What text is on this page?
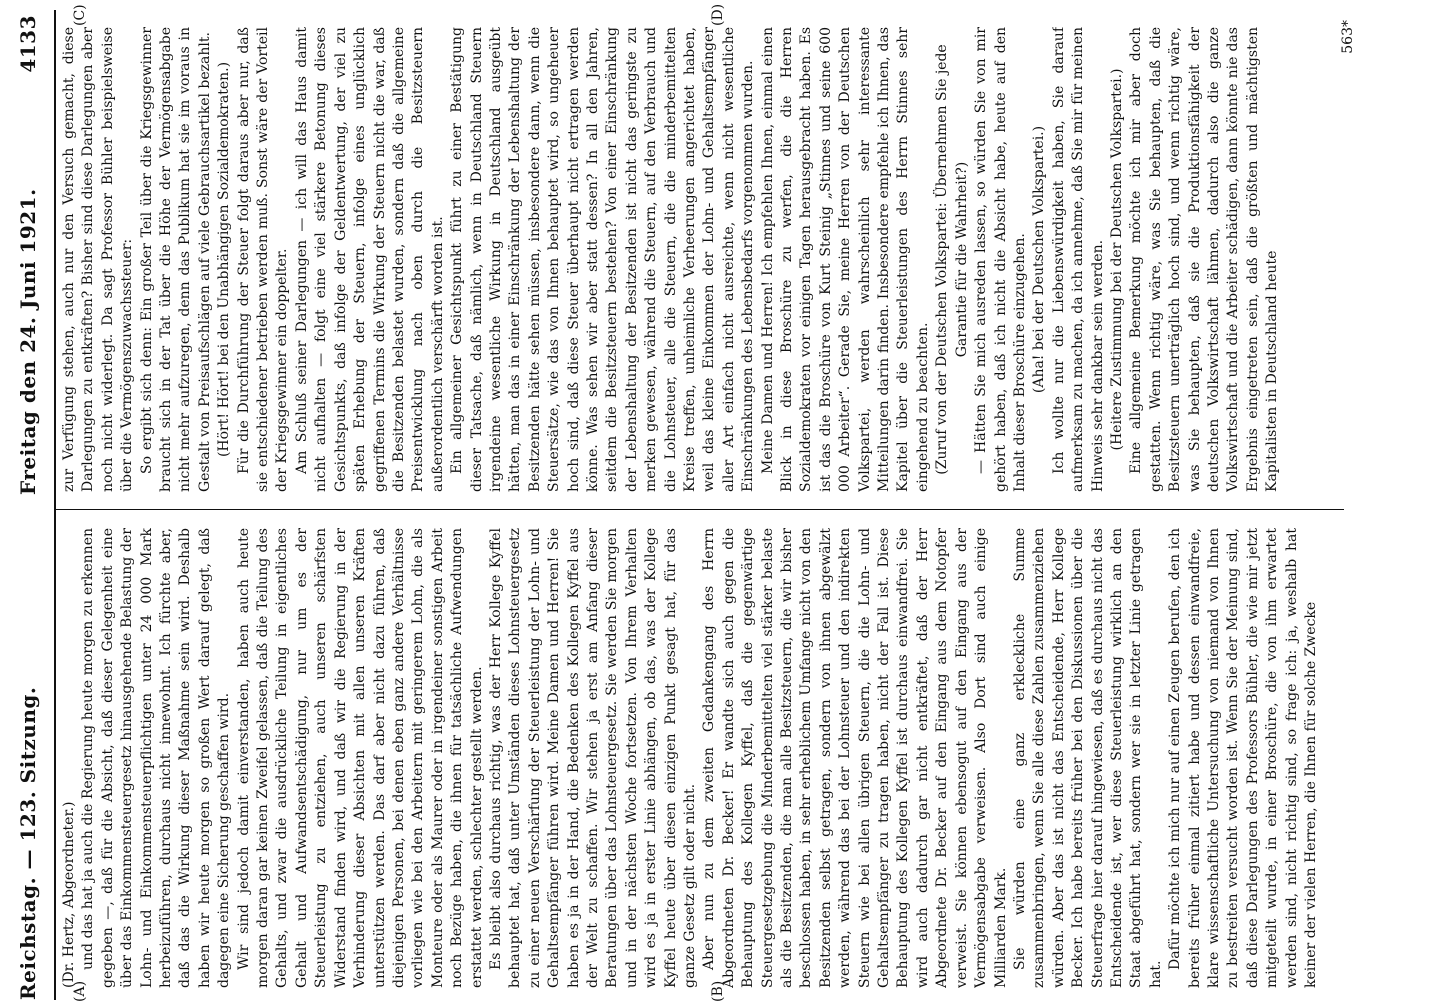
Reichstag. — 123. Sitzung.
Freitag den 24. Juni 1921.
4133
(A)	(B)
(C)	(D)

(Dr. Hertz, Abgeordneter.) und das hat ja auch die Regierung heute morgen zu erkennen gegeben —, daß für die Absicht, daß dieser Gelegenheit eine über das Einkommensteuergesetz hinausgehende Belastung der Lohn- und Einkommensteuerpflichtigen unter 24 000 Mark herbeizuführen, durchaus nicht innewohnt. Ich fürchte aber, daß das die Wirkung dieser Maßnahme sein wird. Deshalb haben wir heute morgen so großen Wert darauf gelegt, daß dagegen eine Sicherung geschaffen wird. Wir sind jedoch damit einverstanden, haben auch heute morgen daran gar keinen Zweifel gelassen, daß die Teilung des Gehalts, und zwar die ausdrückliche Teilung in eigentliches Gehalt und Aufwandsentschädigung, nur um es der Steuerleistung zu entziehen, auch unseren schärfsten Widerstand finden wird, und daß wir die Regierung in der Verhinderung dieser Absichten mit allen unseren Kräften unterstützen werden. Das darf aber nicht dazu führen, daß diejenigen Personen, bei denen eben ganz andere Verhältnisse vorliegen wie bei den Arbeitern mit geringerem Lohn, die als Monteure oder als Maurer oder in irgendeiner sonstigen Arbeit noch Bezüge haben, die ihnen für tatsächliche Aufwendungen erstattet werden, schlechter gestellt werden. Es bleibt also durchaus richtig, was der Herr Kollege Kyffel behauptet hat, daß unter Umständen dieses Lohnsteuergesetz zu einer neuen Verschärfung der Steuerleistung der Lohn- und Gehaltsempfänger führen wird. Meine Damen und Herren! Sie haben es ja in der Hand, die Bedenken des Kollegen Kyffel aus der Welt zu schaffen. Wir stehen ja erst am Anfang dieser Beratungen über das Lohnsteuergesetz. Sie werden Sie morgen und in der nächsten Woche fortsetzen. Von Ihrem Verhalten wird es ja in erster Linie abhängen, ob das, was der Kollege Kyffel heute über diesen einzigen Punkt gesagt hat, für das ganze Gesetz gilt oder nicht. Aber nun zu dem zweiten Gedankengang des Herrn Abgeordneten Dr. Becker! Er wandte sich auch gegen die Behauptung des Kollegen Kyffel, daß die gegenwärtige Steuergesetzgebung die Minderbemittelten viel stärker belaste als die Besitzenden, die man alle Besitzsteuern, die wir bisher beschlossen haben, in sehr erheblichem Umfange nicht von den Besitzenden selbst getragen, sondern von ihnen abgewälzt werden, während das bei der Lohnsteuer und den indirekten Steuern wie bei allen übrigen Steuern, die die Lohn- und Gehaltsempfänger zu tragen haben, nicht der Fall ist. Diese Behauptung des Kollegen Kyffel ist durchaus einwandfrei. Sie wird auch dadurch gar nicht entkräftet, daß der Herr Abgeordnete Dr. Becker auf den Eingang aus dem Notopfer verweist. Sie können ebensogut auf den Eingang aus der Vermögensabgabe verweisen. Also Dort sind auch einige Milliarden Mark. Sie würden eine ganz erkleckliche Summe zusammenbringen, wenn Sie alle diese Zahlen zusammenziehen würden. Aber das ist nicht das Entscheidende, Herr Kollege Becker. Ich habe bereits früher bei den Diskussionen über die Steuerfrage hier darauf hingewiesen, daß es durchaus nicht das Entscheidende ist, wer diese Steuerleistung wirklich an den Staat abgeführt hat, sondern wer sie in letzter Linie getragen hat.

Dafür möchte ich mich nur auf einen Zeugen berufen, den ich bereits früher einmal zitiert habe und dessen einwandfreie, klare wissenschaftliche Untersuchung von niemand von Ihnen zu bestreiten versucht worden ist. Wenn Sie der Meinung sind, daß diese Darlegungen des Professors Bühler, die wie mir jetzt mitgeteilt wurde, in einer Broschüre, die von ihm erwartet werden sind, nicht richtig sind, so frage ich: ja, weshalb hat keiner der vielen Herren, die Ihnen für solche Zwecke

zur Verfügung stehen, auch nur den Versuch gemacht, diese Darlegungen zu entkräften? Bisher sind diese Darlegungen aber noch nicht widerlegt. Da sagt Professor Bühler beispielsweise über die Vermögenszuwachssteuer: So ergibt sich denn: Ein großer Teil über die Kriegsgewinner braucht sich in der Tat über die Höhe der Vermögensabgabe nicht mehr aufzuregen, denn das Publikum hat sie im voraus in Gestalt von Preisaufschlägen auf viele Gebrauchsartikel bezahlt. (Hört! Hört! bei den Unabhängigen Sozialdemokraten.) Für die Durchführung der Steuer folgt daraus aber nur, daß sie entschiedener betrieben werden muß. Sonst wäre der Vorteil der Kriegsgewinner ein doppelter. Am Schluß seiner Darlegungen — ich will das Haus damit nicht aufhalten — folgt eine viel stärkere Betonung dieses Gesichtspunkts, daß infolge der Geldentwertung, der viel zu späten Erhebung der Steuern, infolge eines unglücklich gegriffenen Termins die Wirkung der Steuern nicht die war, daß die Besitzenden belastet wurden, sondern daß die allgemeine Preisentwicklung nach oben durch die Besitzsteuern außerordentlich verschärft worden ist. Ein allgemeiner Gesichtspunkt führt zu einer Bestätigung dieser Tatsache, daß nämlich, wenn in Deutschland Steuern irgendeine wesentliche Wirkung in Deutschland ausgeübt hätten, man das in einer Einschränkung der Lebenshaltung der Besitzenden hätte sehen müssen, insbesondere dann, wenn die Steuersätze, wie das von Ihnen behauptet wird, so ungeheuer hoch sind, daß diese Steuer überhaupt nicht ertragen werden könne. Was sehen wir aber statt dessen? In all den Jahren, seitdem die Besitzsteuern bestehen? Von einer Einschränkung der Lebenshaltung der Besitzenden ist nicht das geringste zu merken gewesen, während die Steuern, auf den Verbrauch und die Lohnsteuer, alle die Steuern, die die minderbemittelten Kreise treffen, unheimliche Verheerungen angerichtet haben, weil das kleine Einkommen der Lohn- und Gehaltsempfänger aller Art einfach nicht ausreichte, wenn nicht wesentliche Einschränkungen des Lebensbedarfs vorgenommen wurden. Meine Damen und Herren! Ich empfehlen Ihnen, einmal einen Blick in diese Broschüre zu werfen, die die Herren Sozialdemokraten vor einigen Tagen herausgebracht haben. Es ist das die Broschüre von Kurt Steinig „Stinnes und seine 600 000 Arbeiter“. Gerade Sie, meine Herren von der Deutschen Volkspartei, werden wahrscheinlich sehr interessante Mitteilungen darin finden. Insbesondere empfehle ich Ihnen, das Kapitel über die Steuerleistungen des Herrn Stinnes sehr eingehend zu beachten. (Zuruf von der Deutschen Volkspartei: Übernehmen Sie jede Garantie für die Wahrheit?) — Hätten Sie mich ausreden lassen, so würden Sie von mir gehört haben, daß ich nicht die Absicht habe, heute auf den Inhalt dieser Broschüre einzugehen. (Aha! bei der Deutschen Volkspartei.) Ich wollte nur die Liebenswürdigkeit haben, Sie darauf aufmerksam zu machen, da ich annehme, daß Sie mir für meinen Hinweis sehr dankbar sein werden. (Heitere Zustimmung bei der Deutschen Volkspartei.) Eine allgemeine Bemerkung möchte ich mir aber doch gestatten. Wenn richtig wäre, was Sie behaupten, daß die Besitzsteuern unerträglich hoch sind, und wenn richtig wäre, was Sie behaupten, daß sie die Produktionsfähigkeit der deutschen Volkswirtschaft lähmen, dadurch also die ganze Volkswirtschaft und die Arbeiter schädigen, dann könnte nie das Ergebnis eingetreten sein, daß die größten und mächtigsten Kapitalisten in Deutschland heute

563*
